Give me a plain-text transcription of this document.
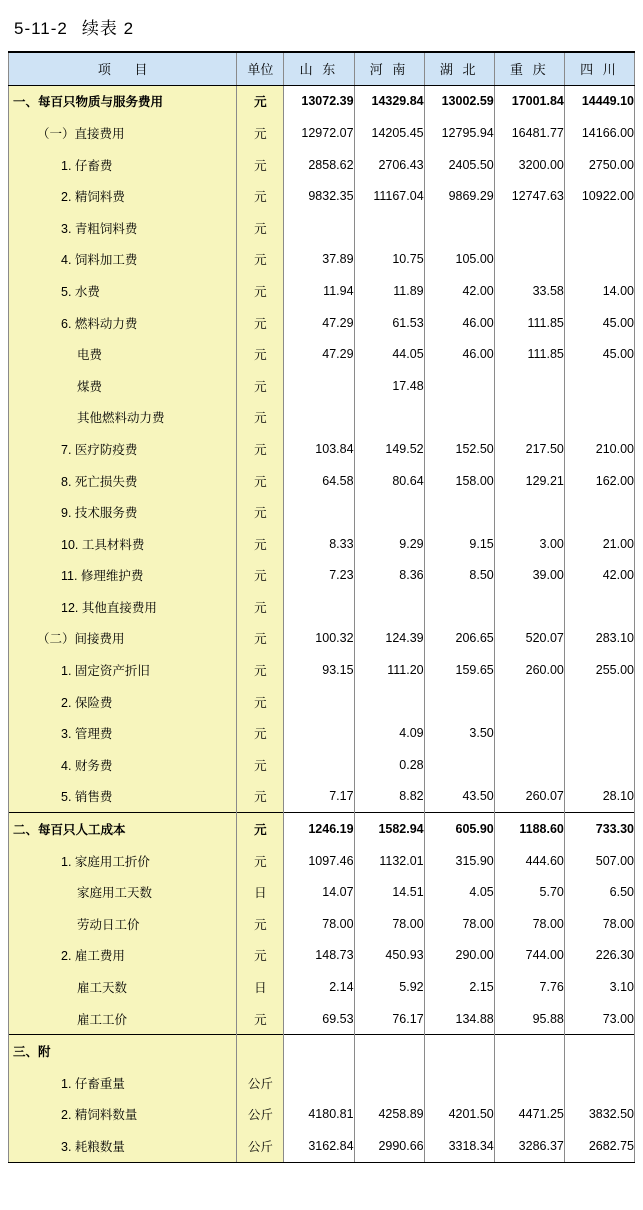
5-11-2 续表 2
项 目	单位	山 东	河 南	湖 北	重 庆	四 川
一、每百只物质与服务费用	元	13072.39	14329.84	13002.59	17001.84	14449.10
（一）直接费用	元	12972.07	14205.45	12795.94	16481.77	14166.00
1. 仔畜费	元	2858.62	2706.43	2405.50	3200.00	2750.00
2. 精饲料费	元	9832.35	11167.04	9869.29	12747.63	10922.00
3. 青粗饲料费	元					
4. 饲料加工费	元	37.89	10.75	105.00		
5. 水费	元	11.94	11.89	42.00	33.58	14.00
6. 燃料动力费	元	47.29	61.53	46.00	111.85	45.00
电费	元	47.29	44.05	46.00	111.85	45.00
煤费	元		17.48			
其他燃料动力费	元					
7. 医疗防疫费	元	103.84	149.52	152.50	217.50	210.00
8. 死亡损失费	元	64.58	80.64	158.00	129.21	162.00
9. 技术服务费	元					
10. 工具材料费	元	8.33	9.29	9.15	3.00	21.00
11. 修理维护费	元	7.23	8.36	8.50	39.00	42.00
12. 其他直接费用	元					
（二）间接费用	元	100.32	124.39	206.65	520.07	283.10
1. 固定资产折旧	元	93.15	111.20	159.65	260.00	255.00
2. 保险费	元					
3. 管理费	元		4.09	3.50		
4. 财务费	元		0.28			
5. 销售费	元	7.17	8.82	43.50	260.07	28.10
二、每百只人工成本	元	1246.19	1582.94	605.90	1188.60	733.30
1. 家庭用工折价	元	1097.46	1132.01	315.90	444.60	507.00
家庭用工天数	日	14.07	14.51	4.05	5.70	6.50
劳动日工价	元	78.00	78.00	78.00	78.00	78.00
2. 雇工费用	元	148.73	450.93	290.00	744.00	226.30
雇工天数	日	2.14	5.92	2.15	7.76	3.10
雇工工价	元	69.53	76.17	134.88	95.88	73.00
三、附						
1. 仔畜重量	公斤					
2. 精饲料数量	公斤	4180.81	4258.89	4201.50	4471.25	3832.50
3. 耗粮数量	公斤	3162.84	2990.66	3318.34	3286.37	2682.75
